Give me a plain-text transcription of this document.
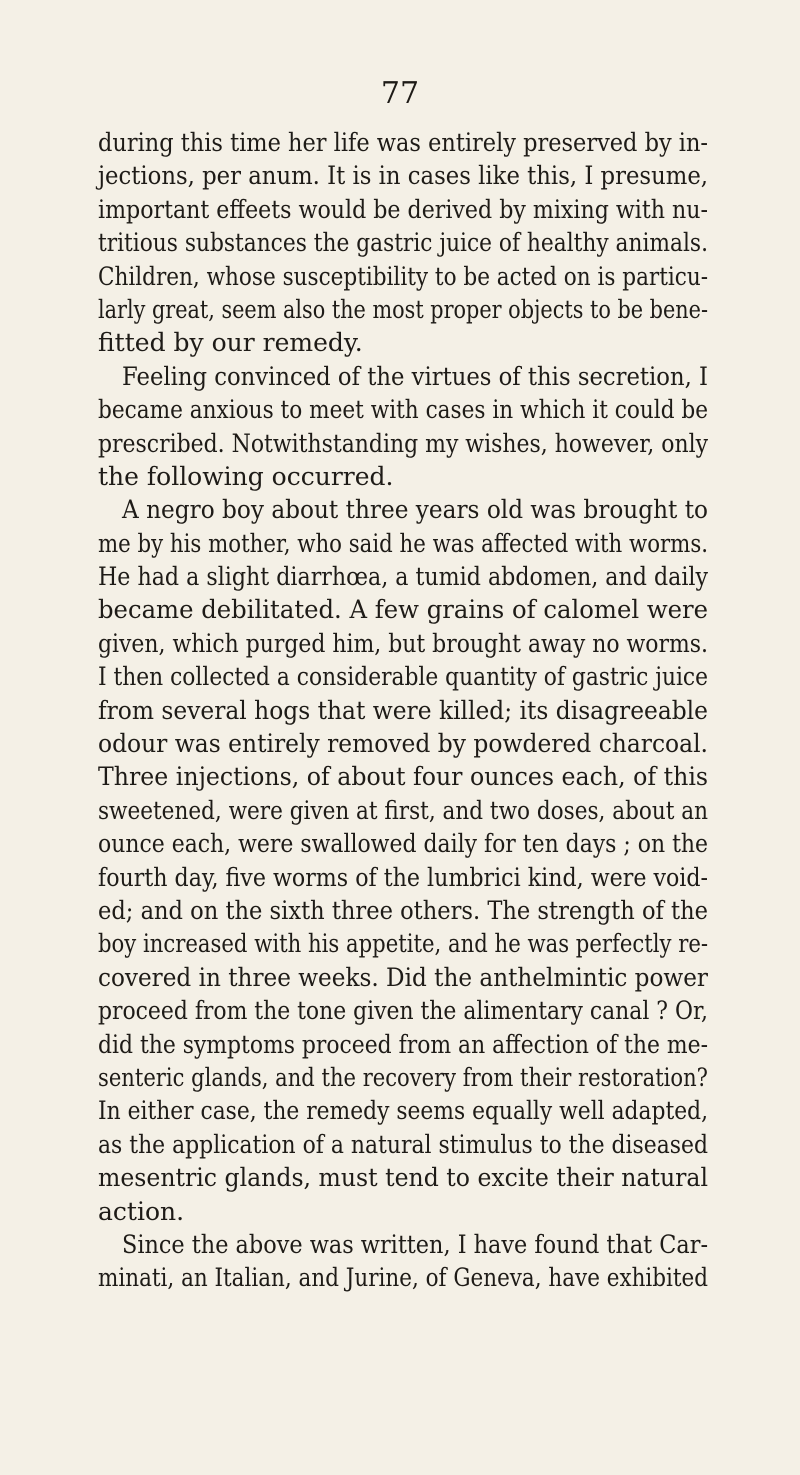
77
during this time her life was entirely preserved by in-
jections, per anum. It is in cases like this, I presume,
important effeets would be derived by mixing with nu-
tritious substances the gastric juice of healthy animals.
Children, whose susceptibility to be acted on is particu-
larly great, seem also the most proper objects to be bene-
fitted by our remedy.
Feeling convinced of the virtues of this secretion, I
became anxious to meet with cases in which it could be
prescribed. Notwithstanding my wishes, however, only
the following occurred.
A negro boy about three years old was brought to
me by his mother, who said he was affected with worms.
He had a slight diarrhœa, a tumid abdomen, and daily
became debilitated. A few grains of calomel were
given, which purged him, but brought away no worms.
I then collected a considerable quantity of gastric juice
from several hogs that were killed; its disagreeable
odour was entirely removed by powdered charcoal.
Three injections, of about four ounces each, of this
sweetened, were given at first, and two doses, about an
ounce each, were swallowed daily for ten days ; on the
fourth day, five worms of the lumbrici kind, were void-
ed; and on the sixth three others. The strength of the
boy increased with his appetite, and he was perfectly re-
covered in three weeks. Did the anthelmintic power
proceed from the tone given the alimentary canal ? Or,
did the symptoms proceed from an affection of the me-
senteric glands, and the recovery from their restoration?
In either case, the remedy seems equally well adapted,
as the application of a natural stimulus to the diseased
mesentric glands, must tend to excite their natural
action.
Since the above was written, I have found that Car-
minati, an Italian, and Jurine, of Geneva, have exhibited
